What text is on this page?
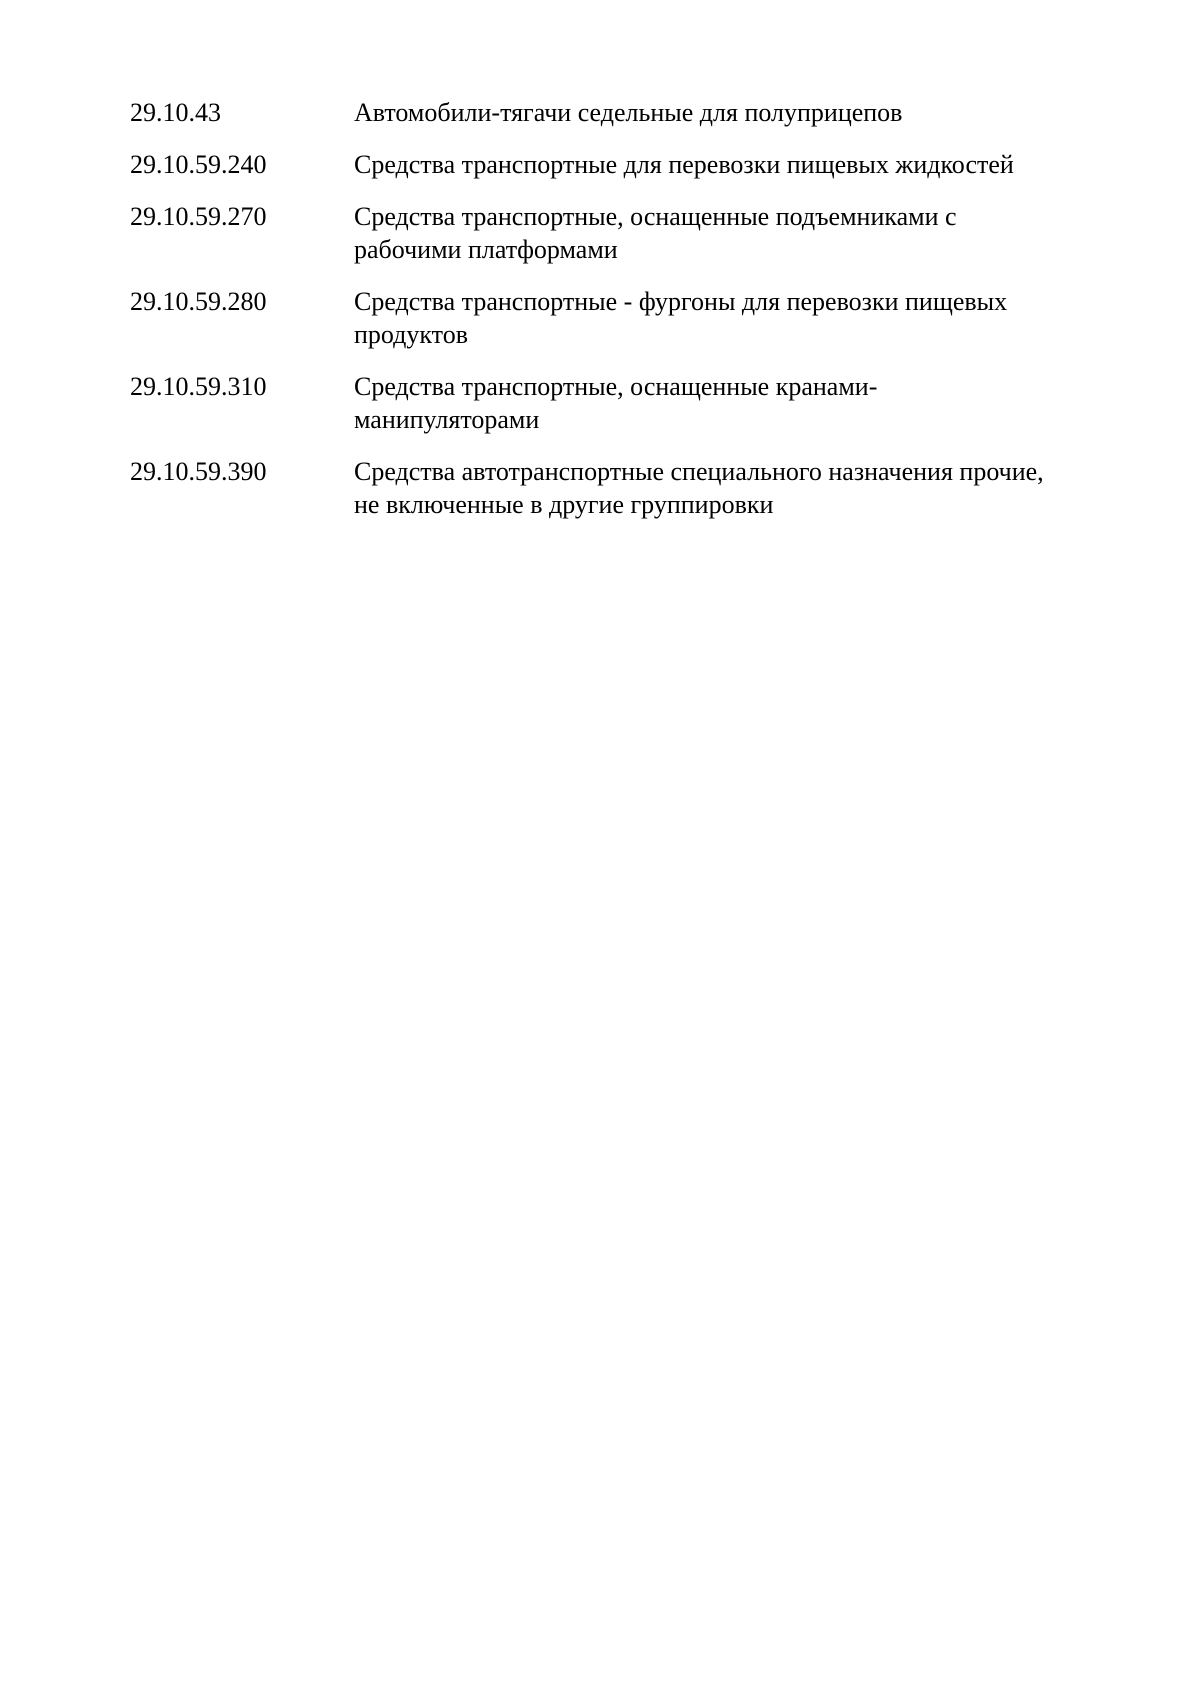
29.10.43	Автомобили-тягачи седельные для полуприцепов
29.10.59.240	Средства транспортные для перевозки пищевых жидкостей
29.10.59.270	Средства транспортные, оснащенные подъемниками с
рабочими платформами
29.10.59.280	Средства транспортные - фургоны для перевозки пищевых
продуктов
29.10.59.310	Средства транспортные, оснащенные кранами-
манипуляторами
29.10.59.390	Средства автотранспортные специального назначения прочие,
не включенные в другие группировки
